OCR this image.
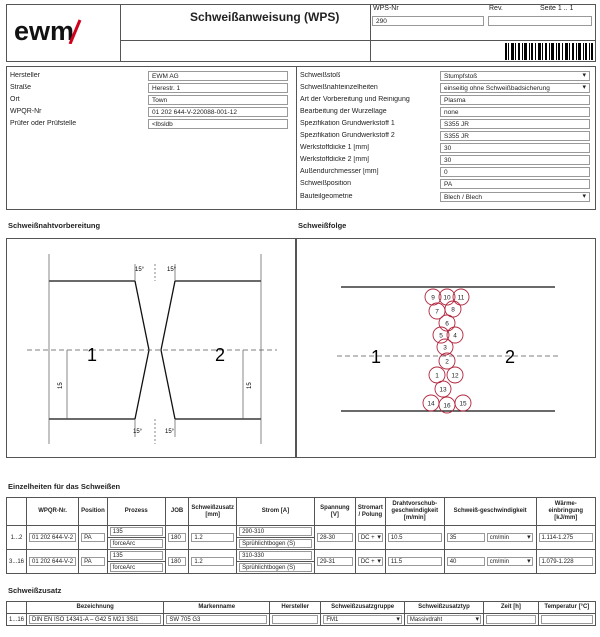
ewm	Schweißanweisung (WPS)
WPS-Nr
290
Rev.	Seite 1 .. 1
Hersteller	EWM AG
Straße	Herestr. 1
Ort	Town
WPQR-Nr	01 202 644-V-220088-001-12
Prüfer oder Prüfstelle	<lbsldb
Schweißstoß	Stumpfstoß ▾
Schweißnahteinzelheiten	einseitig ohne Schweißbadsicherung ▾
Art der Vorbereitung und Reinigung	Plasma
Bearbeitung der Wurzellage	none
Spezifikation Grundwerkstoff 1	S355 JR
Spezifikation Grundwerkstoff 2	S355 JR
Werkstoffdicke 1 [mm]	30
Werkstoffdicke 2 [mm]	30
Außendurchmesser [mm]	0
Schweißposition	PA
Bauteilgeometrie	Blech / Blech ▾
Schweißnahtvorbereitung	Schweißfolge
15°	15°
15°	15°
15	15
1	2	1	2
9 10 11
7 8
6
5 4
3
2
1 12
13
14 16 15
Einzelheiten für das Schweißen
	WPQR-Nr.	Position	Prozess	JOB	Schweißzusatz [mm]	Strom [A]	Spannung [V]	Stromart / Polung	Drahtvorschub-geschwindigkeit [m/min]	Schweiß-geschwindigkeit	Wärme-einbringung [kJ/mm]
1...2	01 202 644-V-2	PA	135	180	1.2	290-310	28-30	DC + ▾	10.5	35 cm/min ▾	1.114-1.275

			forceArc			Sprühlichtbogen (S)					

3...16	01 202 644-V-2	PA	135	180	1.2	310-330	29-31	DC + ▾	11.5	40 cm/min ▾	1.079-1.228

			forceArc			Sprühlichtbogen (S)					
Schweißzusatz
	Bezeichnung	Markenname	Hersteller	Schweißzusatzgruppe	Schweißzusatztyp	Zeit [h]	Temperatur [°C]
1...16	DIN EN ISO 14341-A – G42 5 M21 3Si1	SW 705 G3		FM1 ▾	Massivdraht ▾
